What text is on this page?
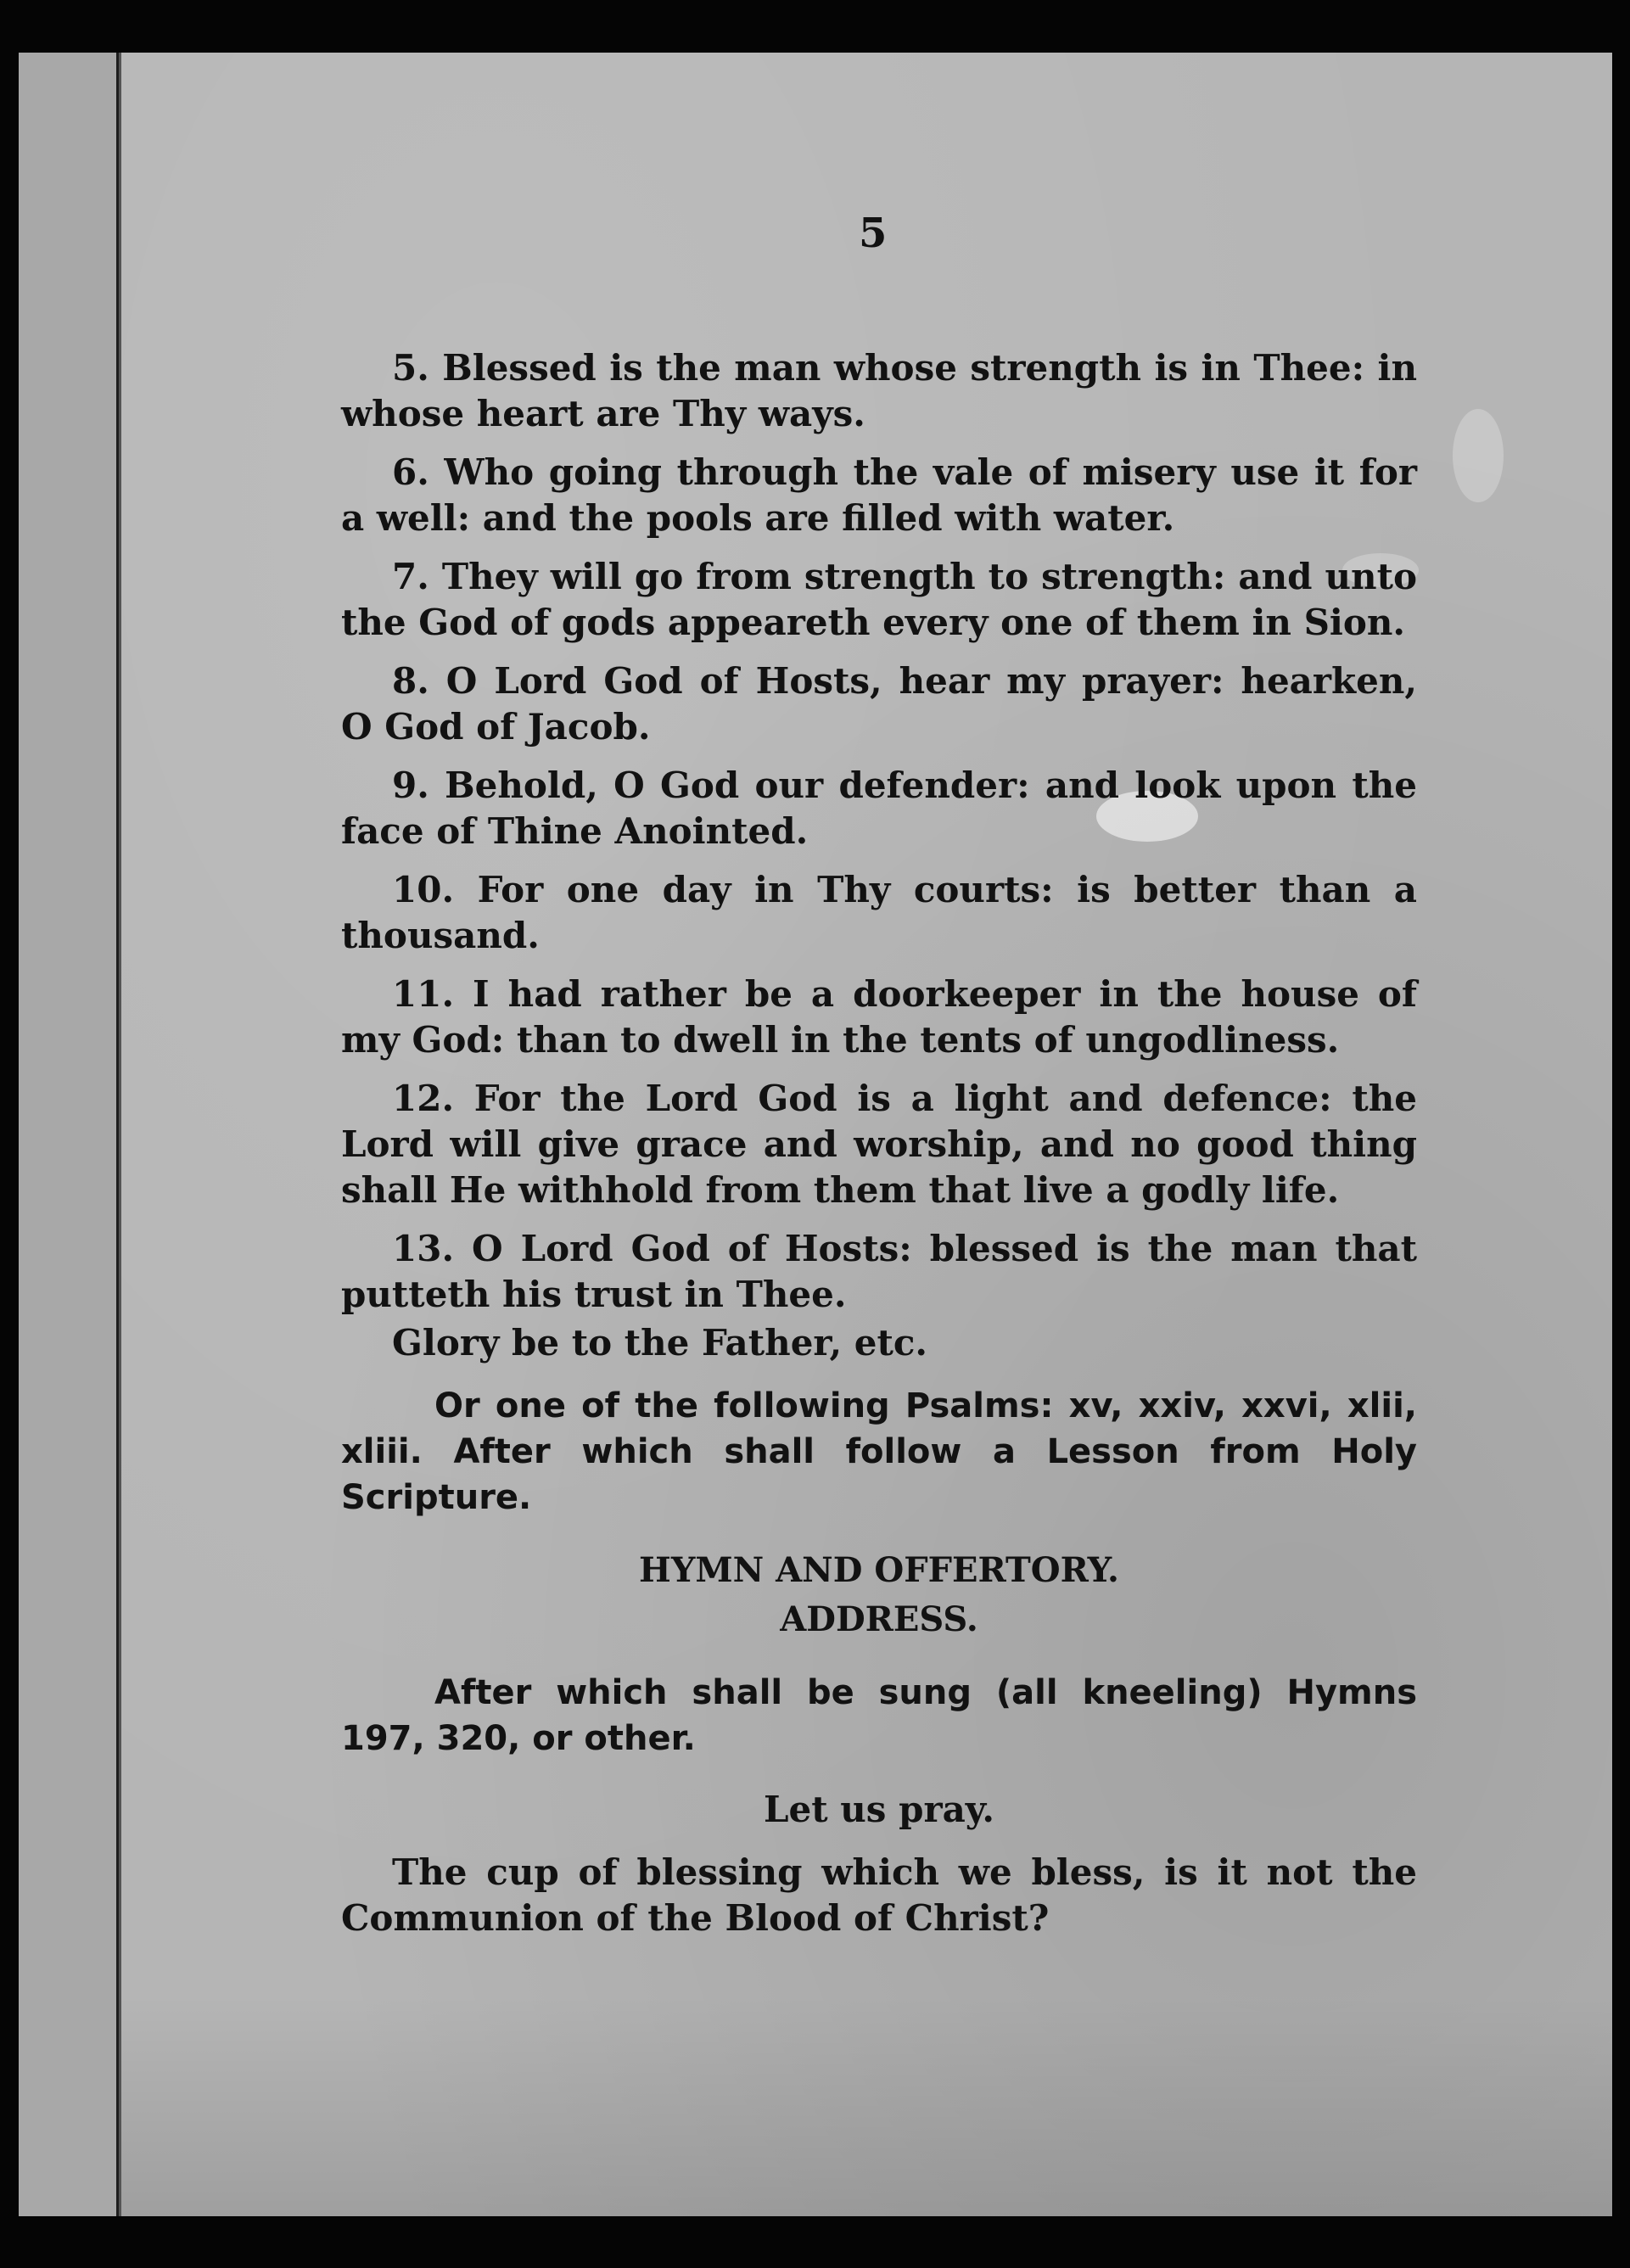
5

5. Blessed is the man whose strength is in Thee: in whose heart are Thy ways.

6. Who going through the vale of misery use it for a well: and the pools are filled with water.

7. They will go from strength to strength: and unto the God of gods appeareth every one of them in Sion.

8. O Lord God of Hosts, hear my prayer: hearken, O God of Jacob.

9. Behold, O God our defender: and look upon the face of Thine Anointed.

10. For one day in Thy courts: is better than a thousand.

11. I had rather be a doorkeeper in the house of my God: than to dwell in the tents of ungodliness.

12. For the Lord God is a light and defence: the Lord will give grace and worship, and no good thing shall He withhold from them that live a godly life.

13. O Lord God of Hosts: blessed is the man that putteth his trust in Thee.

Glory be to the Father, etc.

Or one of the following Psalms: xv, xxiv, xxvi, xlii, xliii. After which shall follow a Lesson from Holy Scripture.

HYMN AND OFFERTORY.

ADDRESS.

After which shall be sung (all kneeling) Hymns 197, 320, or other.

Let us pray.

The cup of blessing which we bless, is it not the Communion of the Blood of Christ?
